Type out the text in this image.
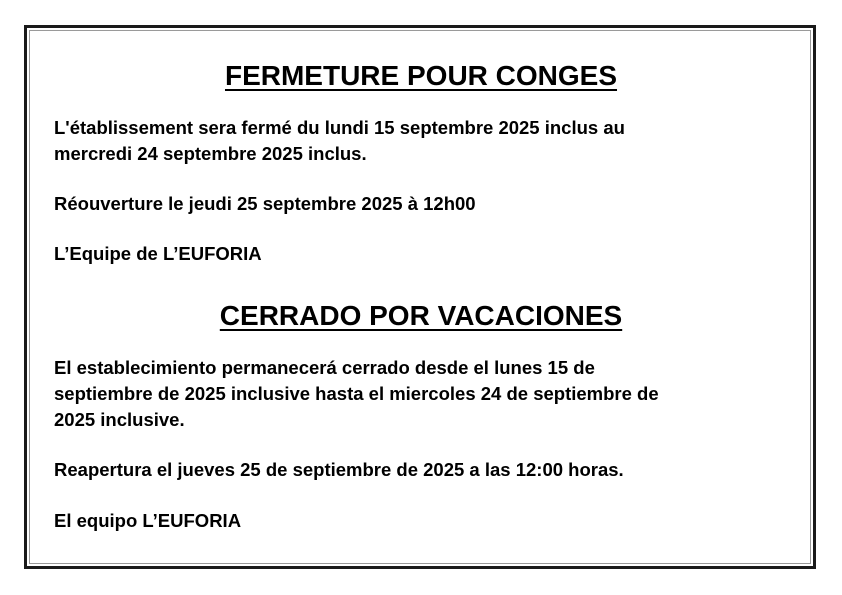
FERMETURE POUR CONGES

L'établissement sera fermé du lundi 15 septembre 2025 inclus au
mercredi 24 septembre 2025 inclus.

Réouverture le jeudi 25 septembre 2025 à 12h00

L’Equipe de L’EUFORIA

CERRADO POR VACACIONES

El establecimiento permanecerá cerrado desde el lunes 15 de
septiembre de 2025 inclusive hasta el miercoles 24 de septiembre de
2025 inclusive.

Reapertura el jueves 25 de septiembre de 2025 a las 12:00 horas.

El equipo L’EUFORIA
